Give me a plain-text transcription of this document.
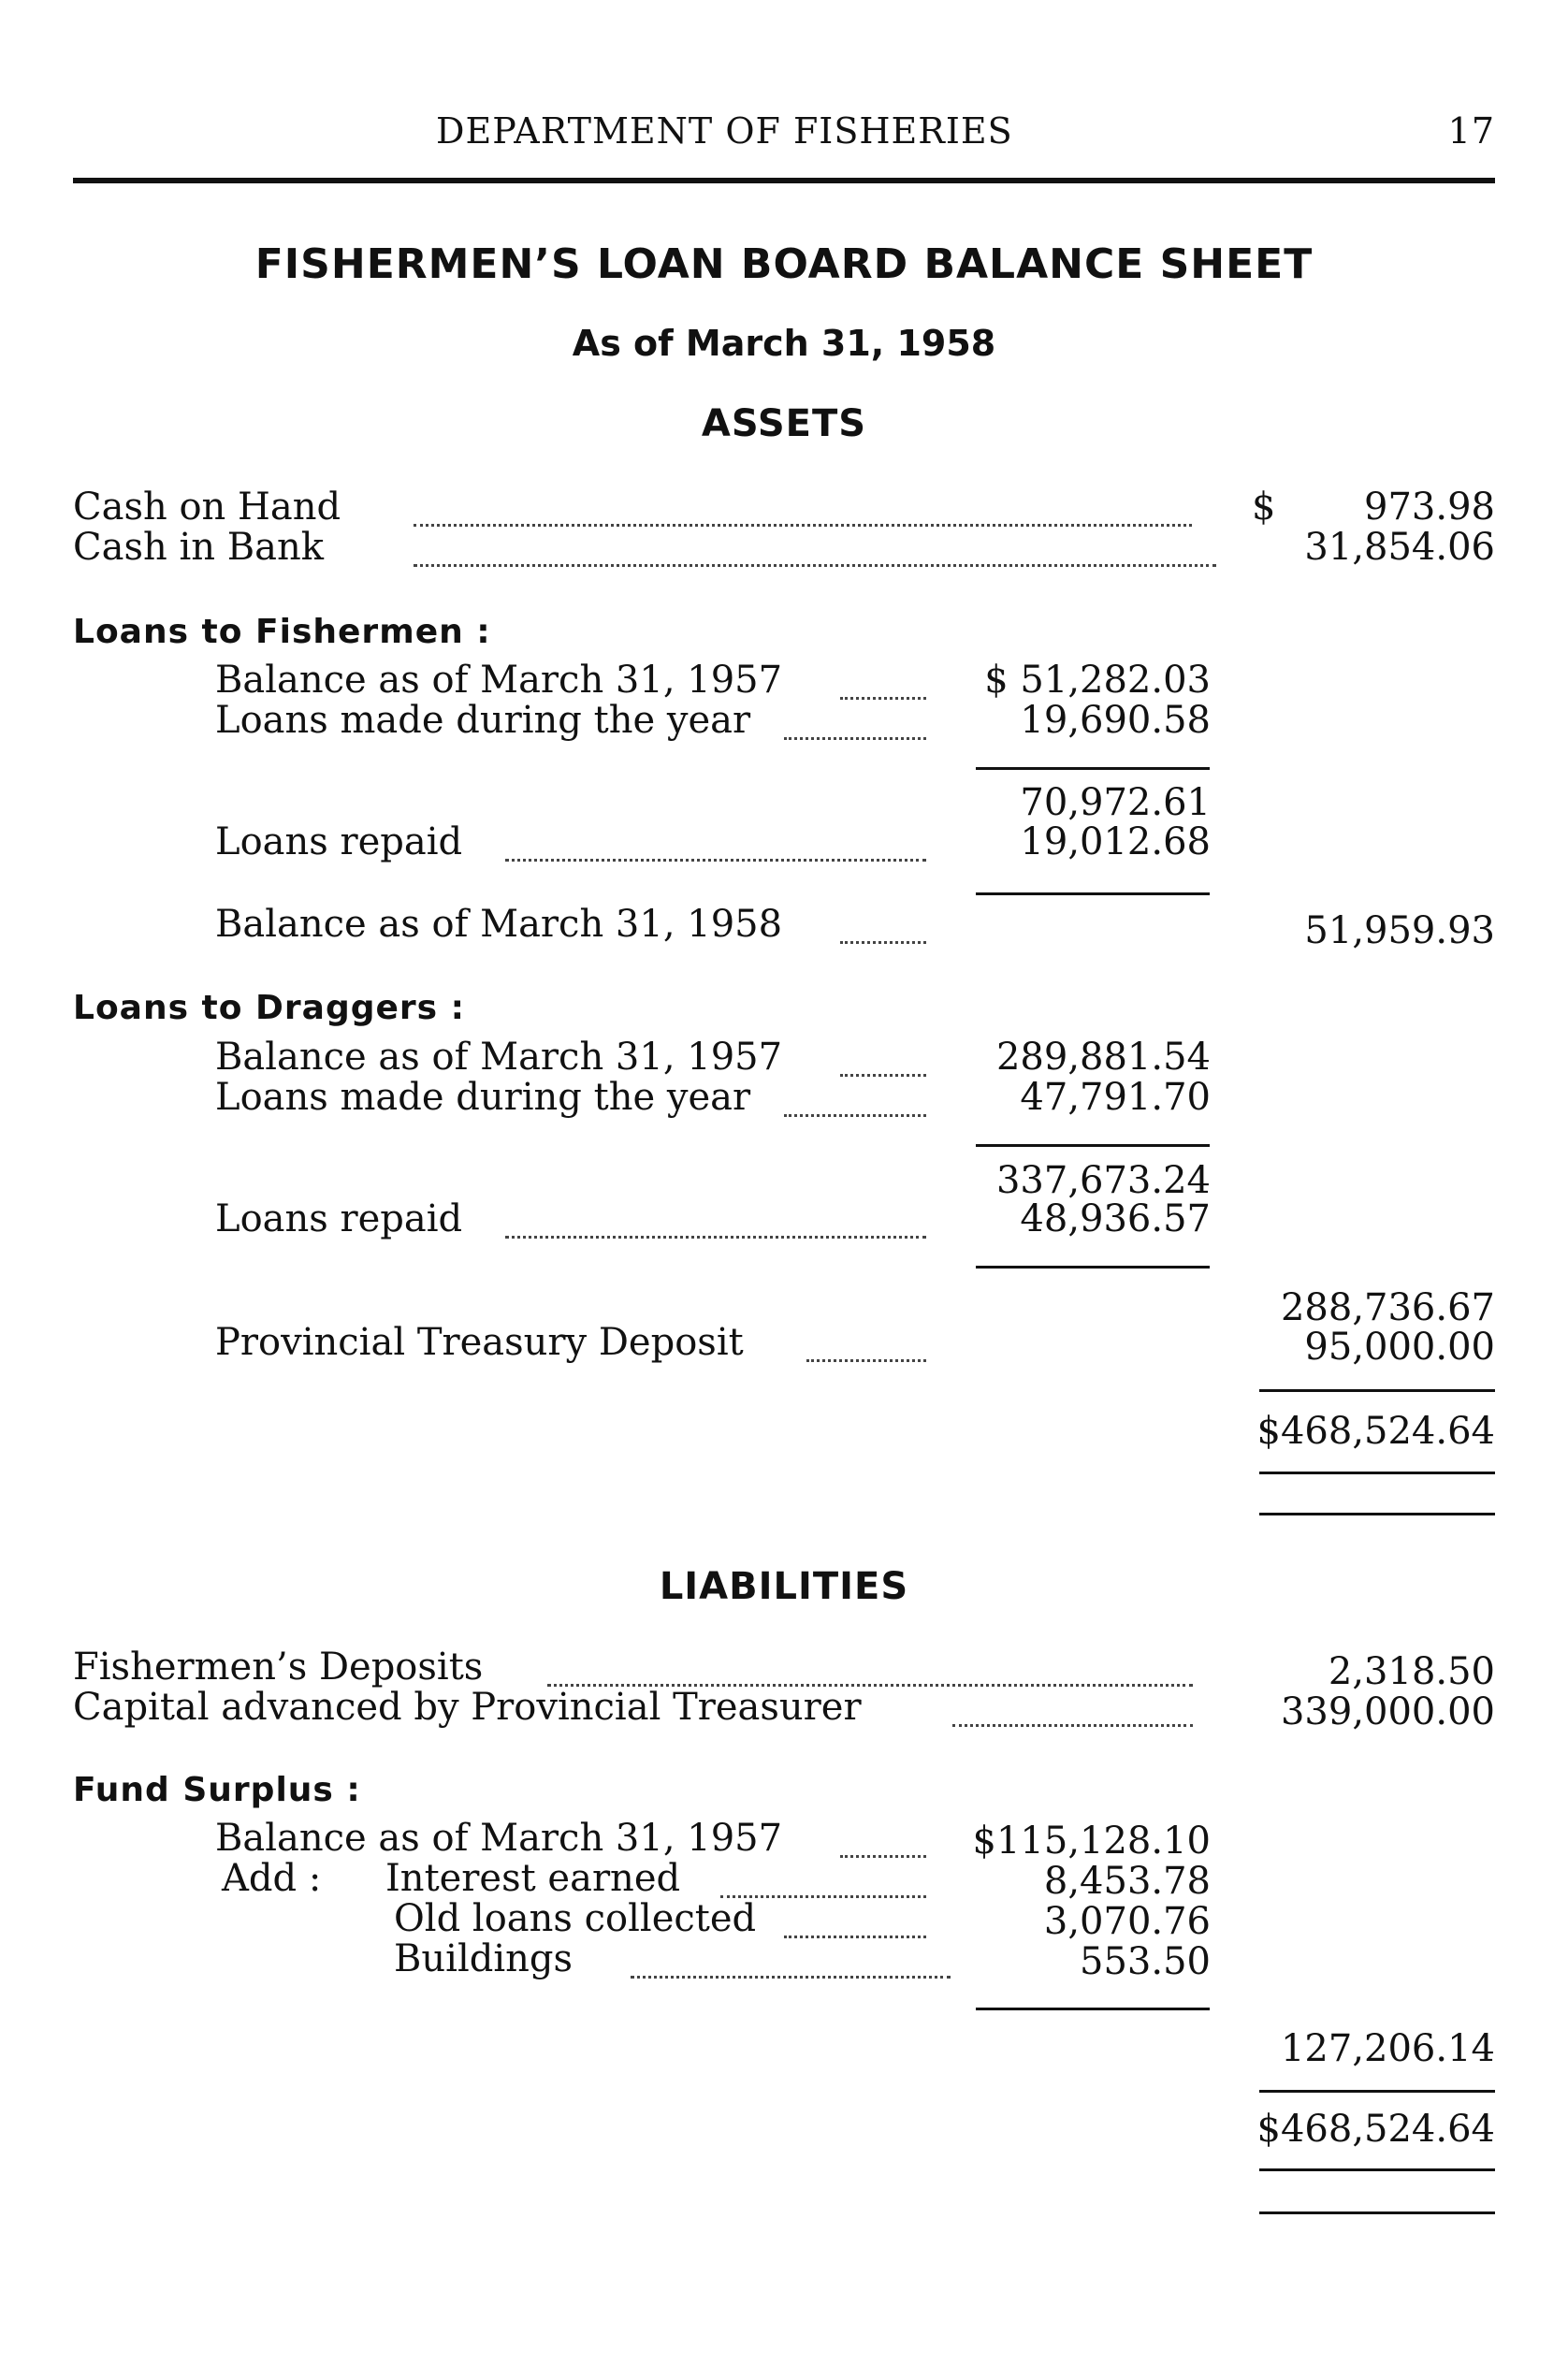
DEPARTMENT OF FISHERIES	17
FISHERMEN’S LOAN BOARD BALANCE SHEET
As of March 31, 1958
ASSETS
Cash on Hand	$ 973.98
Cash in Bank	31,854.06
Loans to Fishermen :
Balance as of March 31, 1957	$ 51,282.03
Loans made during the year	19,690.58
70,972.61
Loans repaid	19,012.68
Balance as of March 31, 1958	51,959.93
Loans to Draggers :
Balance as of March 31, 1957	289,881.54
Loans made during the year	47,791.70
337,673.24
Loans repaid	48,936.57
288,736.67
Provincial Treasury Deposit	95,000.00
$468,524.64
LIABILITIES
Fishermen’s Deposits	2,318.50
Capital advanced by Provincial Treasurer	339,000.00
Fund Surplus :
Balance as of March 31, 1957	$115,128.10
Add : Interest earned	8,453.78
Old loans collected	3,070.76
Buildings	553.50
127,206.14
$468,524.64
